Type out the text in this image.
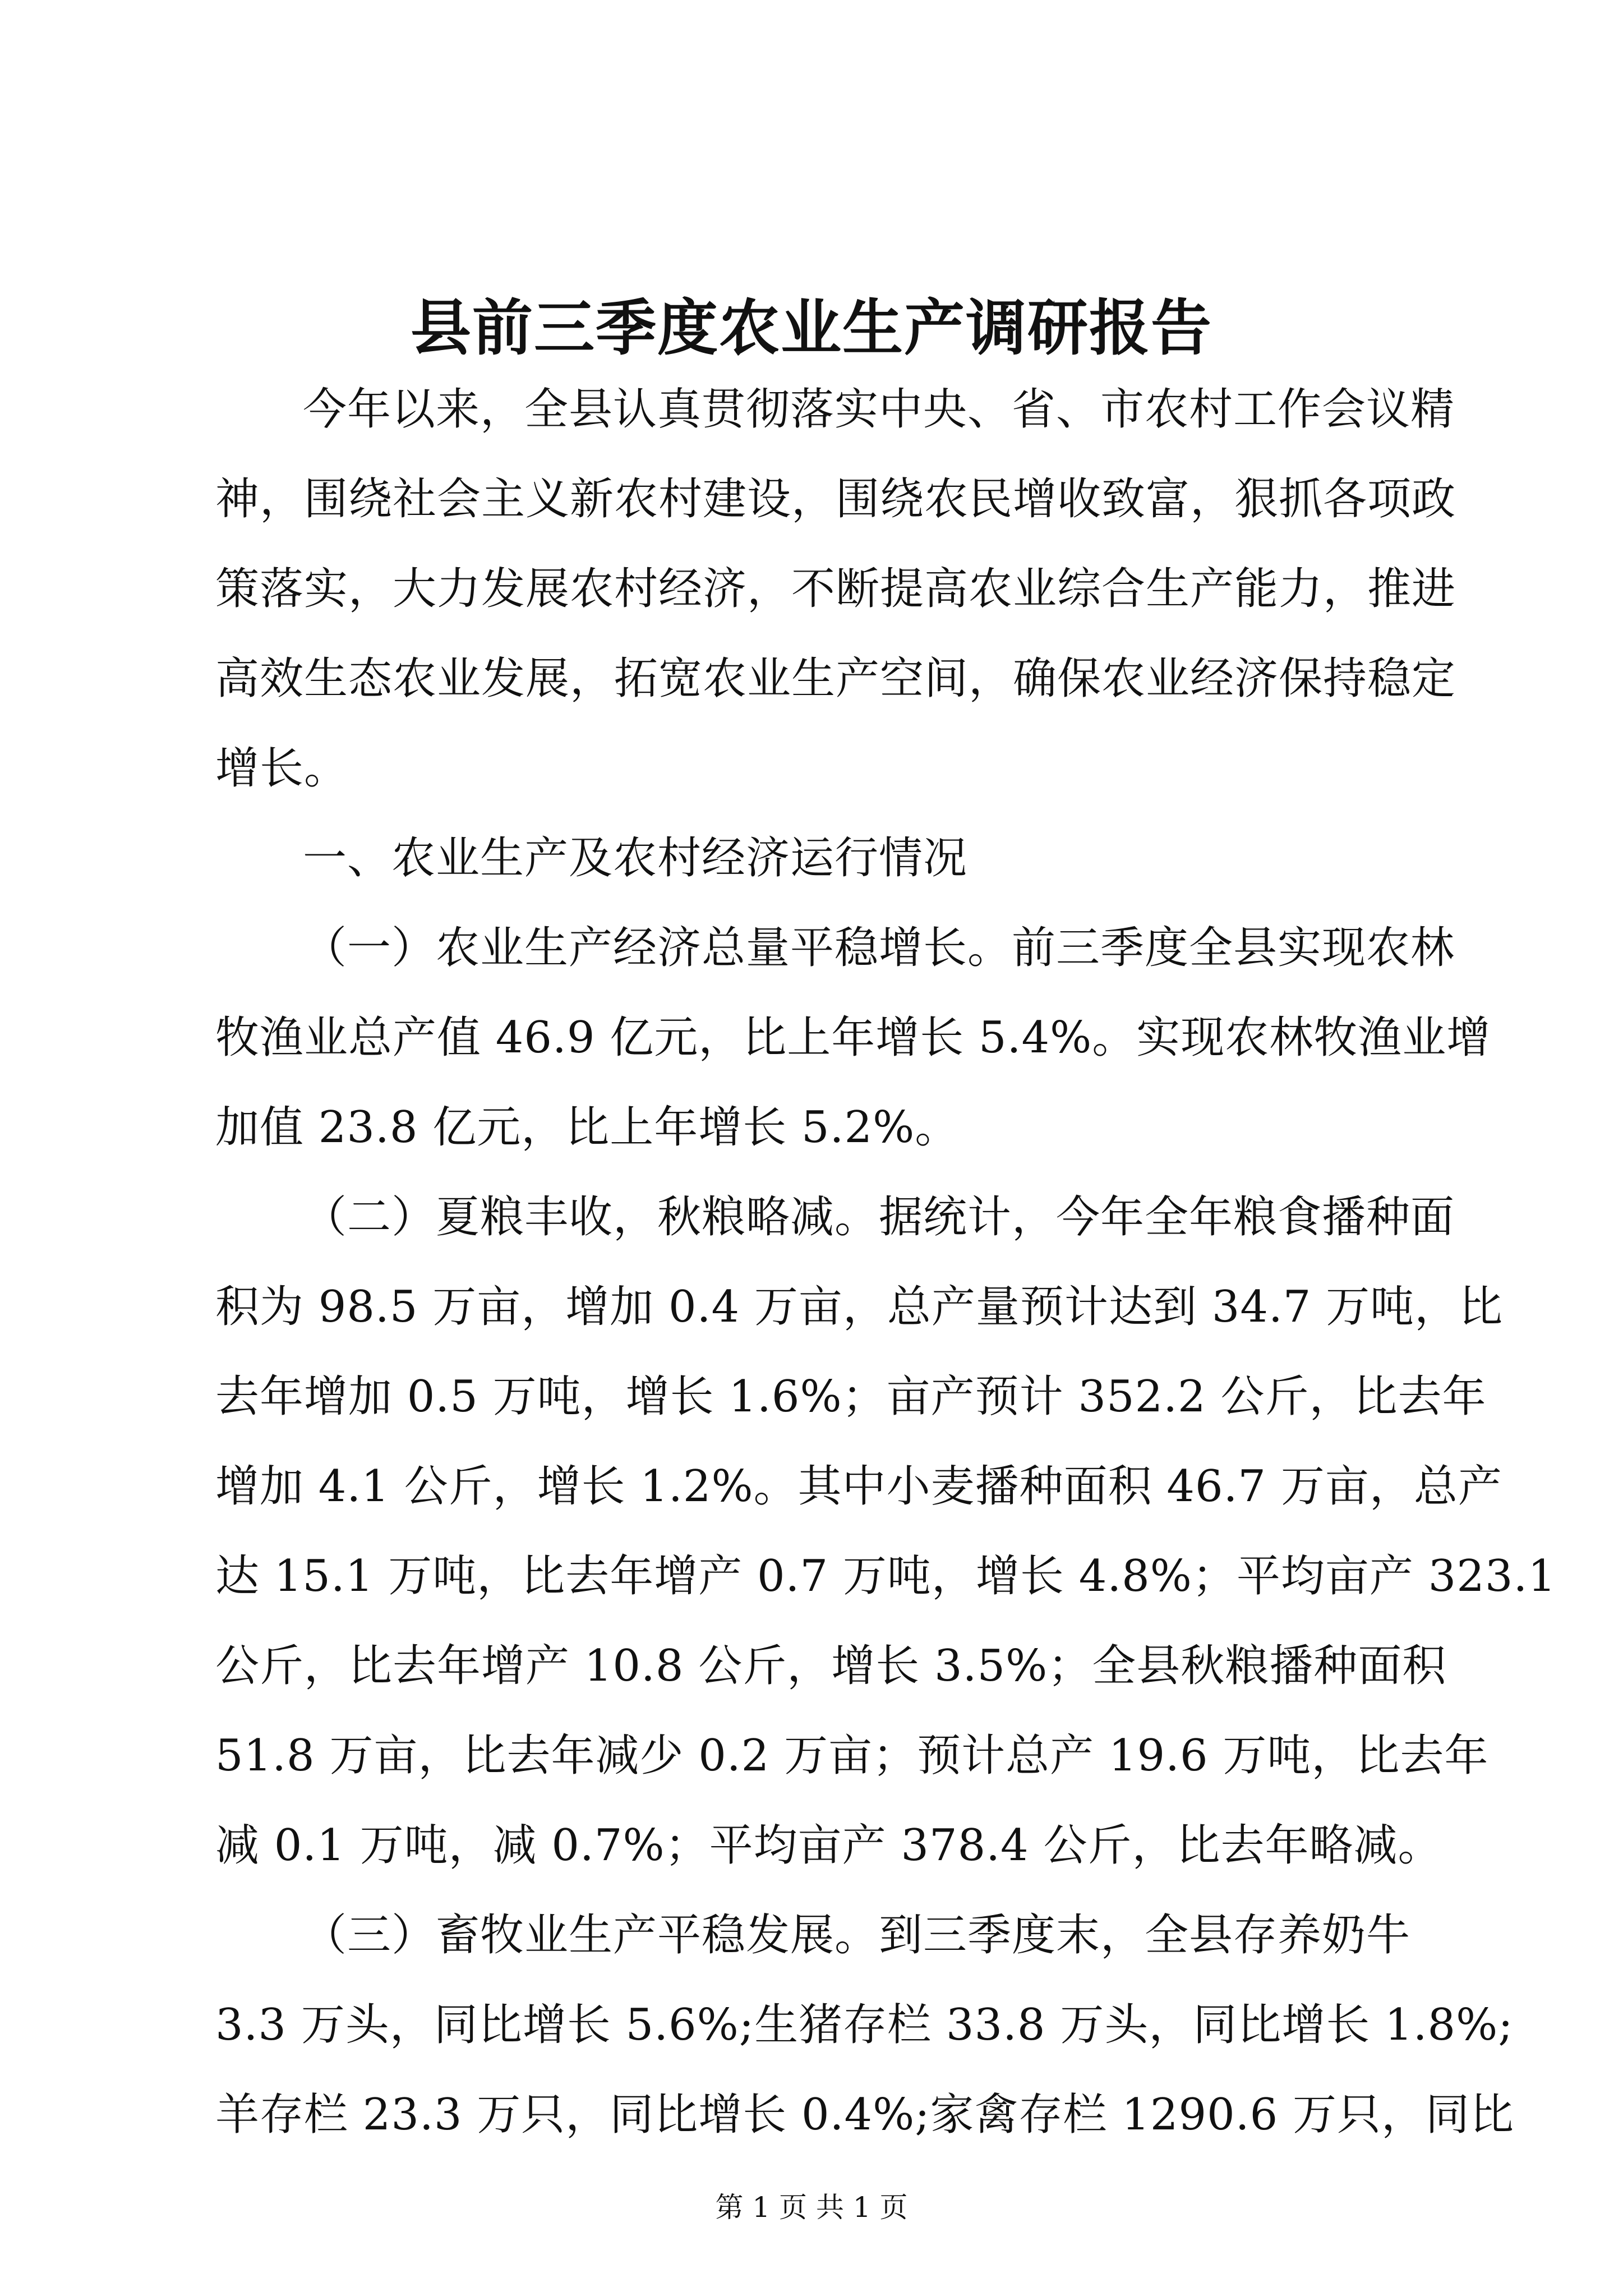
县前三季度农业生产调研报告
今年以来，全县认真贯彻落实中央、省、市农村工作会议精
神，围绕社会主义新农村建设，围绕农民增收致富，狠抓各项政
策落实，大力发展农村经济，不断提高农业综合生产能力，推进
高效生态农业发展，拓宽农业生产空间，确保农业经济保持稳定
增长。
一、农业生产及农村经济运行情况
（一）农业生产经济总量平稳增长。前三季度全县实现农林
牧渔业总产值 46.9 亿元，比上年增长 5.4%。实现农林牧渔业增
加值 23.8 亿元，比上年增长 5.2%。
（二）夏粮丰收，秋粮略减。据统计，今年全年粮食播种面
积为 98.5 万亩，增加 0.4 万亩，总产量预计达到 34.7 万吨，比
去年增加 0.5 万吨，增长 1.6%；亩产预计 352.2 公斤，比去年
增加 4.1 公斤，增长 1.2%。其中小麦播种面积 46.7 万亩，总产
达 15.1 万吨，比去年增产 0.7 万吨，增长 4.8%；平均亩产 323.1
公斤，比去年增产 10.8 公斤，增长 3.5%；全县秋粮播种面积
51.8 万亩，比去年减少 0.2 万亩；预计总产 19.6 万吨，比去年
减 0.1 万吨，减 0.7%；平均亩产 378.4 公斤，比去年略减。
（三）畜牧业生产平稳发展。到三季度末，全县存养奶牛
3.3 万头，同比增长 5.6%;生猪存栏 33.8 万头，同比增长 1.8%;
羊存栏 23.3 万只，同比增长 0.4%;家禽存栏 1290.6 万只，同比
第 1 页 共 1 页
